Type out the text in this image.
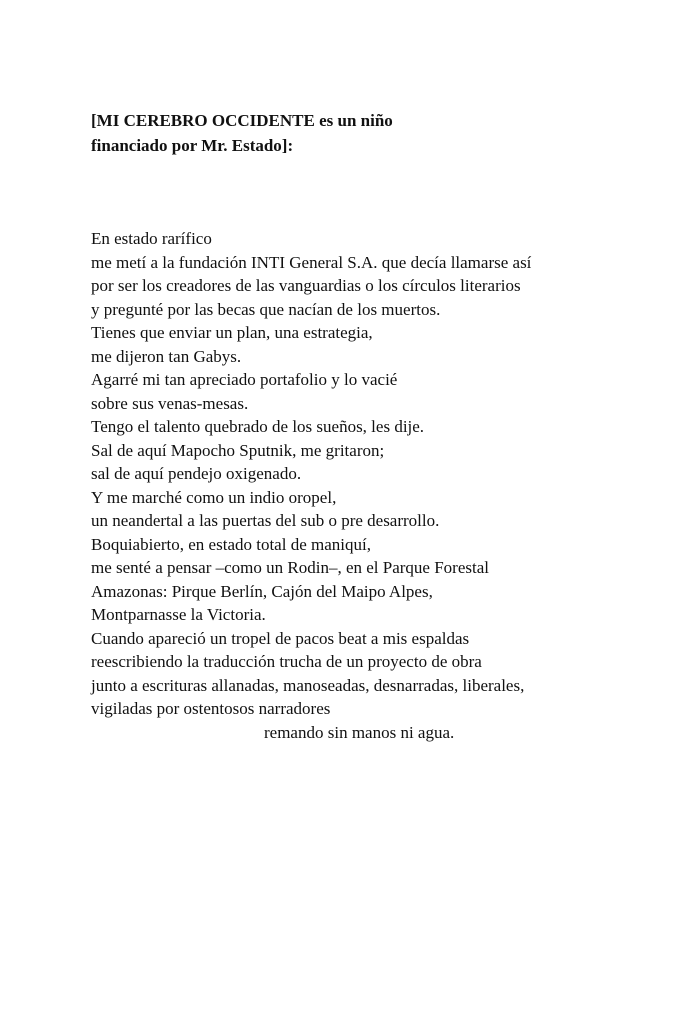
[MI CEREBRO OCCIDENTE es un niño
financiado por Mr. Estado]:
En estado rarífico
me metí a la fundación INTI General S.A. que decía llamarse así
por ser los creadores de las vanguardias o los círculos literarios
y pregunté por las becas que nacían de los muertos.
Tienes que enviar un plan, una estrategia,
me dijeron tan Gabys.
Agarré mi tan apreciado portafolio y lo vacié
sobre sus venas-mesas.
Tengo el talento quebrado de los sueños, les dije.
Sal de aquí Mapocho Sputnik, me gritaron;
sal de aquí pendejo oxigenado.
Y me marché como un indio oropel,
un neandertal a las puertas del sub o pre desarrollo.
Boquiabierto, en estado total de maniquí,
me senté a pensar –como un Rodin–, en el Parque Forestal
Amazonas: Pirque Berlín, Cajón del Maipo Alpes,
Montparnasse la Victoria.
Cuando apareció un tropel de pacos beat a mis espaldas
reescribiendo la traducción trucha de un proyecto de obra
junto a escrituras allanadas, manoseadas, desnarradas, liberales,
vigiladas por ostentosos narradores
remando sin manos ni agua.
